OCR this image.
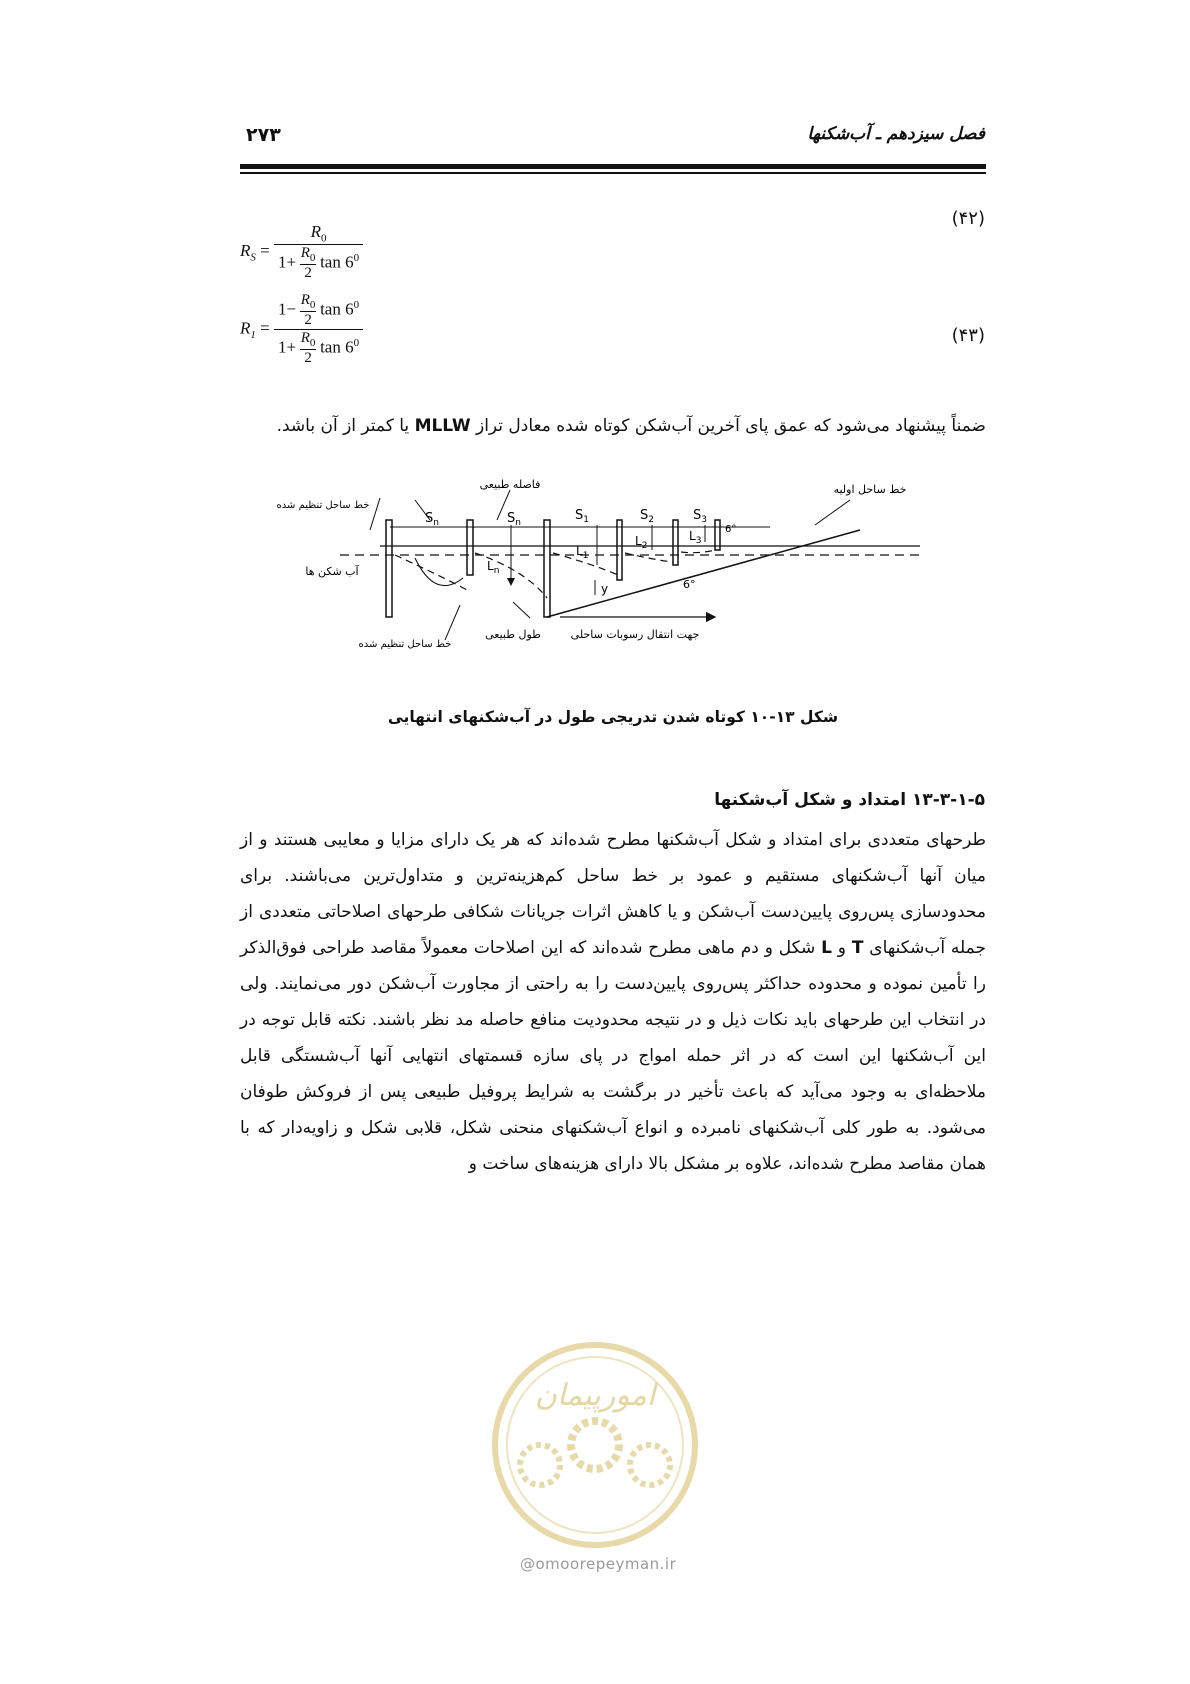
۲۷۳	فصل سیزدهم ـ آب‌شکنها
$R_S = \frac{R_0}{1+ \frac{R_0}{2} \tan 6^0}$
(۴۲)
$R_1 = \frac{1- \frac{R_0}{2} \tan 6^0}{1+ \frac{R_0}{2} \tan 6^0}$	(۴۳)
ضمناً پیشنهاد می‌شود که عمق پای آخرین آب‌شکن کوتاه شده معادل تراز MLLW یا کمتر از آن باشد.
فاصله طبیعی	خط ساحل اولیه
خط ساحل تنظیم شده
آب شکن ها
خط ساحل تنظیم شده
طول طبیعی	جهت انتقال رسوبات ساحلی
$S_n$	$S_n$	$S_1$	$S_2$	$S_3$
$L_1$
$L_2$
$L_3$
$L_n$
y
6°
6°
شکل ۱۳-۱۰ کوتاه شدن تدریجی طول در آب‌شکنهای انتهایی
۱۳-۳-۱-۵ امتداد و شکل آب‌شکنها
طرحهای متعددی برای امتداد و شکل آب‌شکنها مطرح شده‌اند که هر یک دارای مزایا و معایبی هستند و از میان آنها آب‌شکنهای مستقیم و عمود بر خط ساحل کم‌هزینه‌ترین و متداول‌ترین می‌باشند. برای محدودسازی پس‌روی پایین‌دست آب‌شکن و یا کاهش اثرات جریانات شکافی طرحهای اصلاحاتی متعددی از جمله آب‌شکنهای T و L شکل و دم ماهی مطرح شده‌اند که این اصلاحات معمولاً مقاصد طراحی فوق‌الذکر را تأمین نموده و محدوده حداکثر پس‌روی پایین‌دست را به راحتی از مجاورت آب‌شکن دور می‌نمایند. ولی در انتخاب این طرحهای باید نکات ذیل و در نتیجه محدودیت منافع حاصله مد نظر باشند. نکته قابل توجه در این آب‌شکنها این است که در اثر حمله امواج در پای سازه قسمتهای انتهایی آنها آب‌شستگی قابل ملاحظه‌ای به وجود می‌آید که باعث تأخیر در برگشت به شرایط پروفیل طبیعی پس از فروکش طوفان می‌شود. به طور کلی آب‌شکنهای نامبرده و انواع آب‌شکنهای منحنی شکل، قلابی شکل و زاویه‌دار که با همان مقاصد مطرح شده‌اند، علاوه بر مشکل بالا دارای هزینه‌های ساخت و
امورپیمان
@omoorepeyman.ir
